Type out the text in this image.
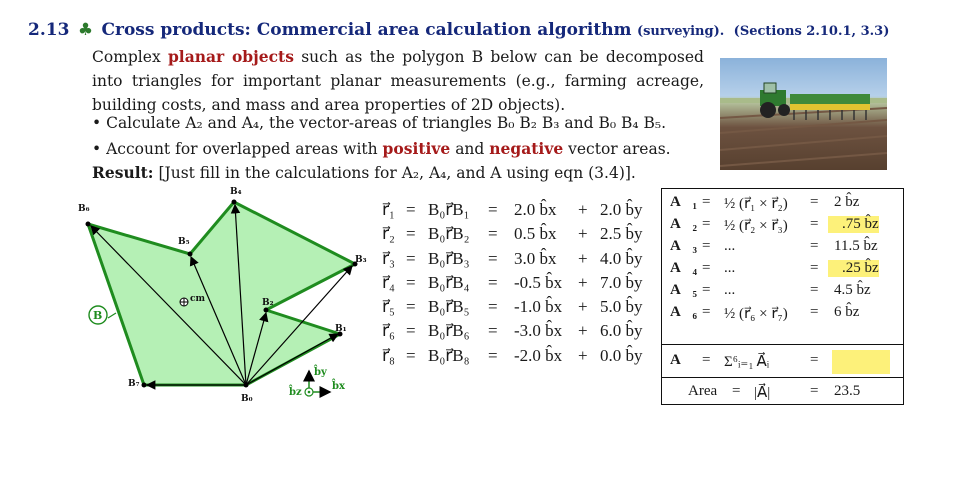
2.13 ♣ Cross products: Commercial area calculation algorithm (surveying). (Sections 2.10.1, 3.3)
Complex planar objects such as the polygon B below can be decomposed into triangles for important planar measurements (e.g., farming acreage, building costs, and mass and area properties of 2D objects).
• Calculate A₂ and A₄, the vector-areas of triangles B₀ B₂ B₃ and B₀ B₄ B₅.
• Account for overlapped areas with positive and negative vector areas.
Result: [Just fill in the calculations for A₂, A₄, and A using eqn (3.4)].
B₀
B₁
B₂
B₃
B₄
B₅
B₆
B₇
cm
B
b̂y
b̂x
b̂z
r⃗₁ = B₀r⃗B₁ = 2.0 b̂x + 2.0 b̂y
r⃗₂ = B₀r⃗B₂ = 0.5 b̂x + 2.5 b̂y
r⃗₃ = B₀r⃗B₃ = 3.0 b̂x + 4.0 b̂y
r⃗₄ = B₀r⃗B₄ = -0.5 b̂x + 7.0 b̂y
r⃗₅ = B₀r⃗B₅ = -1.0 b̂x + 5.0 b̂y
r⃗₆ = B₀r⃗B₆ = -3.0 b̂x + 6.0 b̂y
r⃗₈ = B₀r⃗B₈ = -2.0 b̂x + 0.0 b̂y
A⃗₁ = ½ (r⃗₁ × r⃗₂) = 2 b̂z
A⃗₂ = ½ (r⃗₂ × r⃗₃) =	.75 b̂z
A⃗₃ = ...	= 11.5 b̂z
A⃗₄ = ...	=	.25 b̂z
A⃗₅ = ...	= 4.5 b̂z
A⃗₆ = ½ (r⃗₆ × r⃗₇) = 6 b̂z
A⃗ = Σ⁶ᵢ₌₁ A⃗ᵢ	=
Area = |A⃗|	= 23.5
